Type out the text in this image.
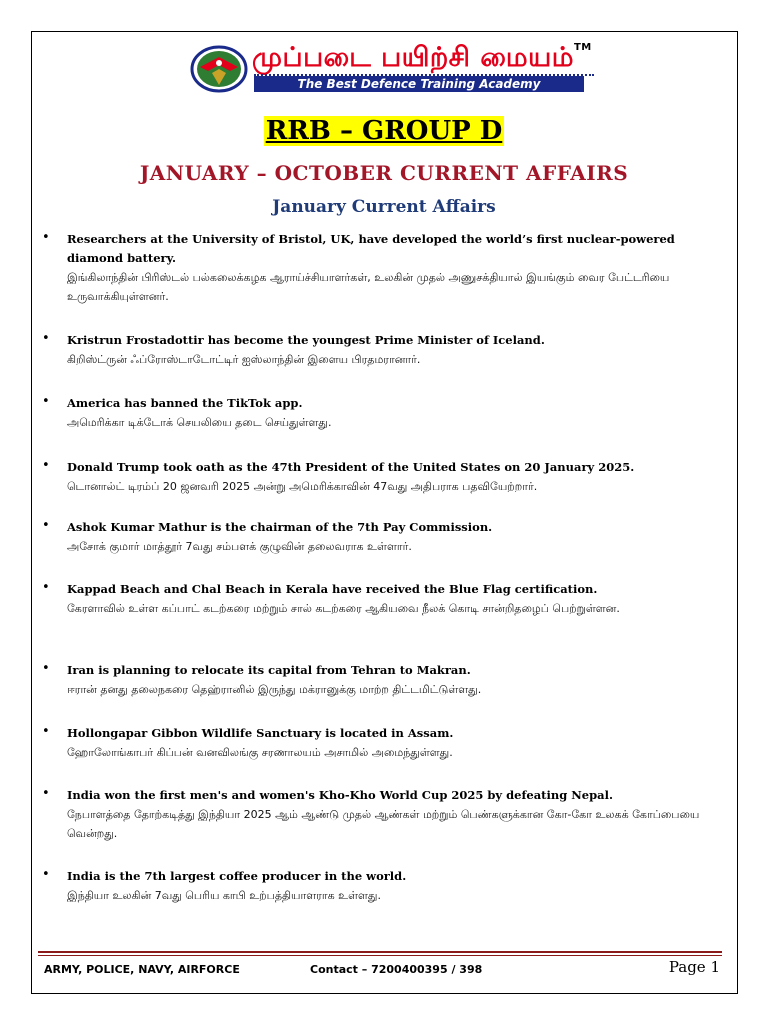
முப்படை பயிற்சி மையம்™
The Best Defence Training Academy
RRB – GROUP D
JANUARY – OCTOBER CURRENT AFFAIRS
January Current Affairs
• Researchers at the University of Bristol, UK, have developed the world’s first nuclear-powered diamond battery.
இங்கிலாந்தின் பிரிஸ்டல் பல்கலைக்கழக ஆராய்ச்சியாளர்கள், உலகின் முதல் அணுசக்தியால் இயங்கும் வைர பேட்டரியை உருவாக்கியுள்ளனர்.
• Kristrun Frostadottir has become the youngest Prime Minister of Iceland.
கிறிஸ்ட்ருன் ஃப்ரோஸ்டாடோட்டிர் ஐஸ்லாந்தின் இளைய பிரதமரானார்.
• America has banned the TikTok app.
அமெரிக்கா டிக்டோக் செயலியை தடை செய்துள்ளது.
• Donald Trump took oath as the 47th President of the United States on 20 January 2025.
டொனால்ட் டிரம்ப் 20 ஜனவரி 2025 அன்று அமெரிக்காவின் 47வது அதிபராக பதவியேற்றார்.
• Ashok Kumar Mathur is the chairman of the 7th Pay Commission.
அசோக் குமார் மாத்தூர் 7வது சம்பளக் குழுவின் தலைவராக உள்ளார்.
• Kappad Beach and Chal Beach in Kerala have received the Blue Flag certification.
கேரளாவில் உள்ள கப்பாட் கடற்கரை மற்றும் சால் கடற்கரை ஆகியவை நீலக் கொடி சான்றிதழைப் பெற்றுள்ளன.
• Iran is planning to relocate its capital from Tehran to Makran.
ஈரான் தனது தலைநகரை தெஹ்ரானில் இருந்து மக்ரானுக்கு மாற்ற திட்டமிட்டுள்ளது.
• Hollongapar Gibbon Wildlife Sanctuary is located in Assam.
ஹோலோங்காபர் கிப்பன் வனவிலங்கு சரணாலயம் அசாமில் அமைந்துள்ளது.
• India won the first men's and women's Kho-Kho World Cup 2025 by defeating Nepal.
நேபாளத்தை தோற்கடித்து இந்தியா 2025 ஆம் ஆண்டு முதல் ஆண்கள் மற்றும் பெண்களுக்கான கோ-கோ உலகக் கோப்பையை வென்றது.
• India is the 7th largest coffee producer in the world.
இந்தியா உலகின் 7வது பெரிய காபி உற்பத்தியாளராக உள்ளது.
ARMY, POLICE, NAVY, AIRFORCE	Contact – 7200400395 / 398	Page 1
